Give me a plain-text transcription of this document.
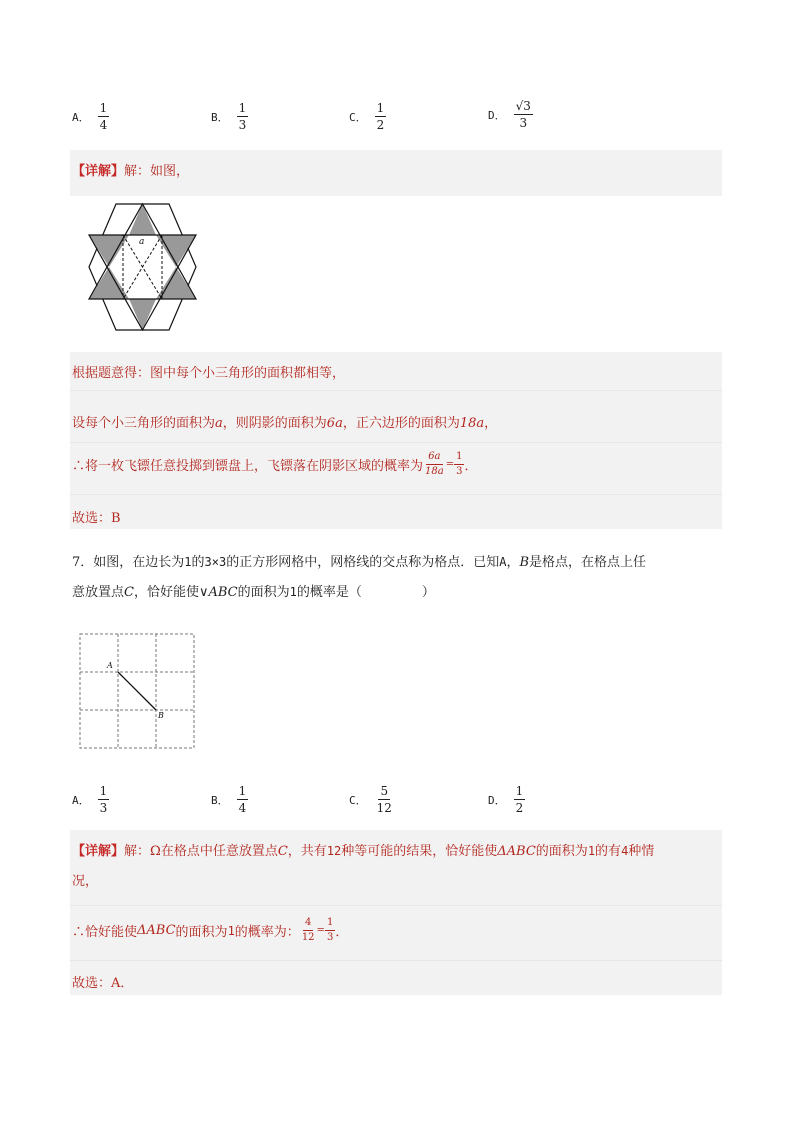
A． $\frac{1}{4}$	B． $\frac{1}{3}$	C． $\frac{1}{2}$	D． $\frac{√3}{3}$
【详解】解：如图，
a
根据题意得：图中每个小三角形的面积都相等，
设每个小三角形的面积为a，则阴影的面积为6a，正六边形的面积为18a，
∴将一枚飞镖任意投掷到镖盘上，飞镖落在阴影区域的概率为 $\frac{6a}{18a} = \frac{1}{3}$ ．
故选：B
7．如图，在边长为1的3×3的正方形网格中，网格线的交点称为格点．已知A，B是格点，在格点上任
意放置点C，恰好能使∨ABC的面积为1的概率是（	）
A
B
A． $\frac{1}{3}$	B． $\frac{1}{4}$	C． $\frac{5}{12}$	D． $\frac{1}{2}$
【详解】解：Ω在格点中任意放置点C，共有12种等可能的结果，恰好能使ΔABC的面积为1的有4种情
况，
∴恰好能使 ΔABC 的面积为 1 的概率为： $\frac{4}{12} = \frac{1}{3}$ ．
故选：A．
